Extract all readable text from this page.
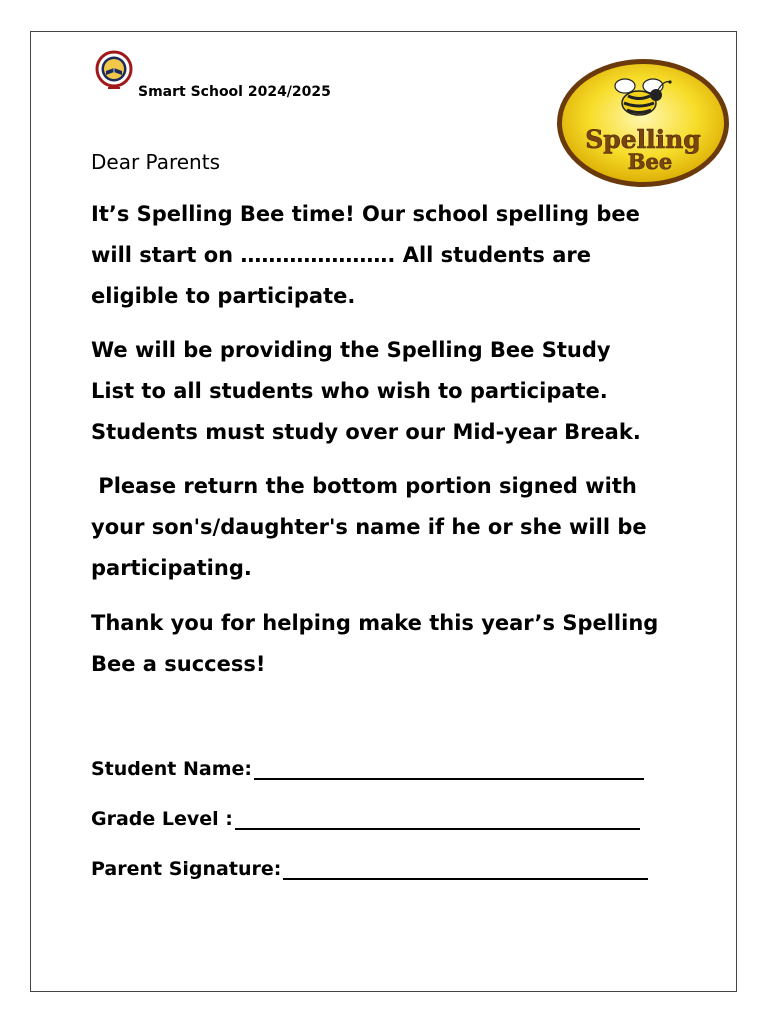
Smart School 2024/2025
Spelling
Bee
Dear Parents
It’s Spelling Bee time! Our school spelling bee
will start on …………………. All students are
eligible to participate.
We will be providing the Spelling Bee Study
List to all students who wish to participate.
Students must study over our Mid-year Break.
Please return the bottom portion signed with
your son's/daughter's name if he or she will be
participating.
Thank you for helping make this year’s Spelling
Bee a success!
Student Name:
Grade Level :
Parent Signature:
